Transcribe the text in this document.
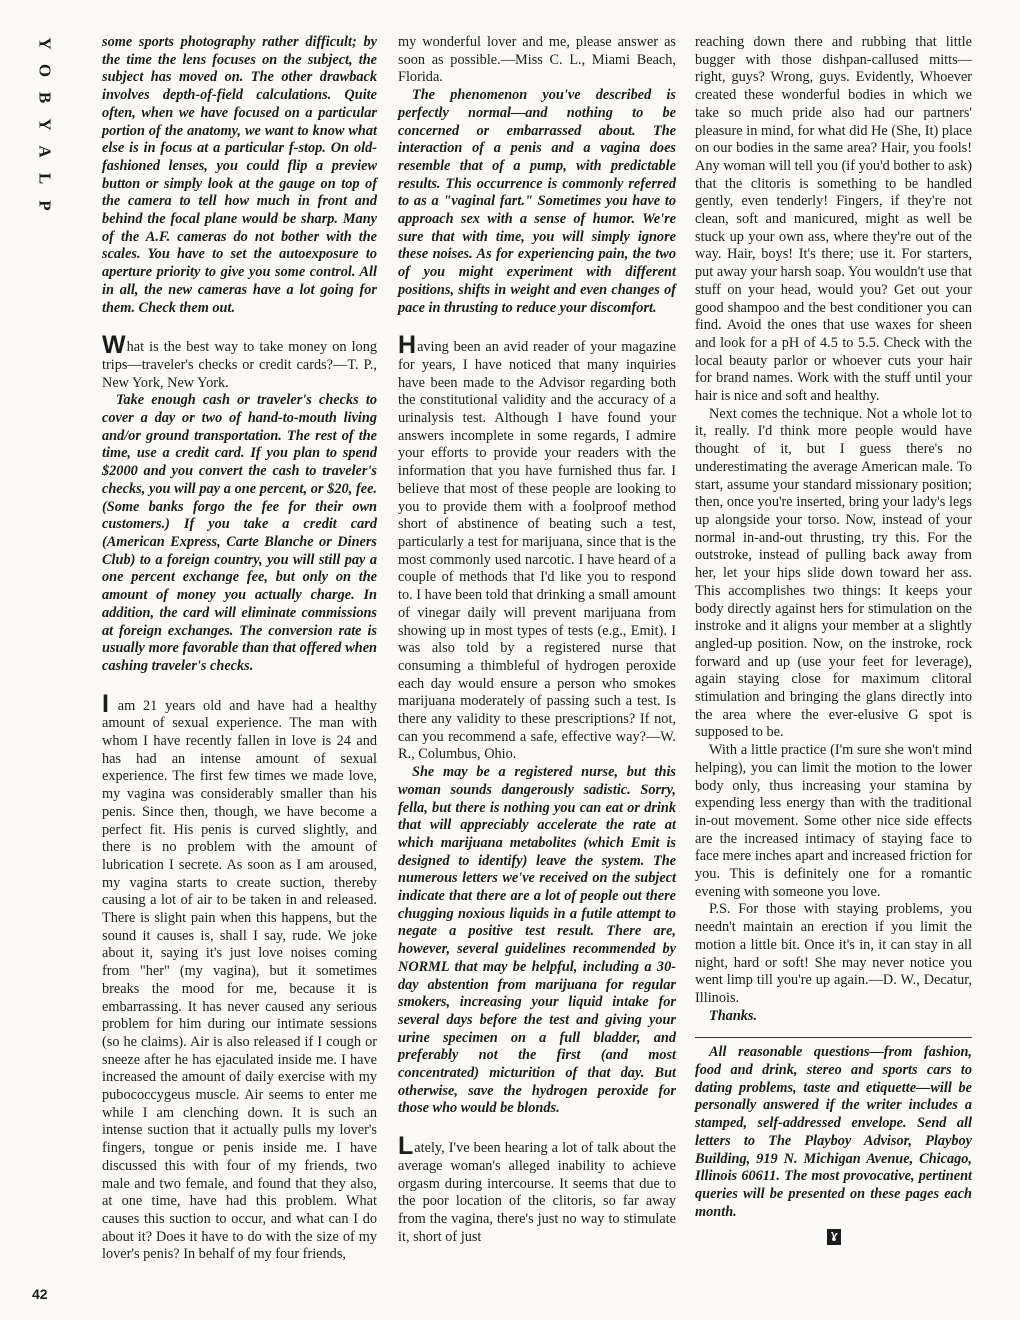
Y
O
B
Y
A
L
P
42

some sports photography rather difficult; by the time the lens focuses on the subject, the subject has moved on. The other drawback involves depth-of-field calculations. Quite often, when we have focused on a particular portion of the anatomy, we want to know what else is in focus at a particular f-stop. On old-fashioned lenses, you could flip a preview button or simply look at the gauge on top of the camera to tell how much in front and behind the focal plane would be sharp. Many of the A.F. cameras do not bother with the scales. You have to set the autoexposure to aperture priority to give you some control. All in all, the new cameras have a lot going for them. Check them out.

What is the best way to take money on long trips—traveler's checks or credit cards?—T. P., New York, New York.

Take enough cash or traveler's checks to cover a day or two of hand-to-mouth living and/or ground transportation. The rest of the time, use a credit card. If you plan to spend $2000 and you convert the cash to traveler's checks, you will pay a one percent, or $20, fee. (Some banks forgo the fee for their own customers.) If you take a credit card (American Express, Carte Blanche or Diners Club) to a foreign country, you will still pay a one percent exchange fee, but only on the amount of money you actually charge. In addition, the card will eliminate commissions at foreign exchanges. The conversion rate is usually more favorable than that offered when cashing traveler's checks.

I am 21 years old and have had a healthy amount of sexual experience. The man with whom I have recently fallen in love is 24 and has had an intense amount of sexual experience. The first few times we made love, my vagina was considerably smaller than his penis. Since then, though, we have become a perfect fit. His penis is curved slightly, and there is no problem with the amount of lubrication I secrete. As soon as I am aroused, my vagina starts to create suction, thereby causing a lot of air to be taken in and released. There is slight pain when this happens, but the sound it causes is, shall I say, rude. We joke about it, saying it's just love noises coming from "her" (my vagina), but it sometimes breaks the mood for me, because it is embarrassing. It has never caused any serious problem for him during our intimate sessions (so he claims). Air is also released if I cough or sneeze after he has ejaculated inside me. I have increased the amount of daily exercise with my pubococcygeus muscle. Air seems to enter me while I am clenching down. It is such an intense suction that it actually pulls my lover's fingers, tongue or penis inside me. I have discussed this with four of my friends, two male and two female, and found that they also, at one time, have had this problem. What causes this suction to occur, and what can I do about it? Does it have to do with the size of my lover's penis? In behalf of my four friends,

my wonderful lover and me, please answer as soon as possible.—Miss C. L., Miami Beach, Florida.

The phenomenon you've described is perfectly normal—and nothing to be concerned or embarrassed about. The interaction of a penis and a vagina does resemble that of a pump, with predictable results. This occurrence is commonly referred to as a "vaginal fart." Sometimes you have to approach sex with a sense of humor. We're sure that with time, you will simply ignore these noises. As for experiencing pain, the two of you might experiment with different positions, shifts in weight and even changes of pace in thrusting to reduce your discomfort.

Having been an avid reader of your magazine for years, I have noticed that many inquiries have been made to the Advisor regarding both the constitutional validity and the accuracy of a urinalysis test. Although I have found your answers incomplete in some regards, I admire your efforts to provide your readers with the information that you have furnished thus far. I believe that most of these people are looking to you to provide them with a foolproof method short of abstinence of beating such a test, particularly a test for marijuana, since that is the most commonly used narcotic. I have heard of a couple of methods that I'd like you to respond to. I have been told that drinking a small amount of vinegar daily will prevent marijuana from showing up in most types of tests (e.g., Emit). I was also told by a registered nurse that consuming a thimbleful of hydrogen peroxide each day would ensure a person who smokes marijuana moderately of passing such a test. Is there any validity to these prescriptions? If not, can you recommend a safe, effective way?—W. R., Columbus, Ohio.

She may be a registered nurse, but this woman sounds dangerously sadistic. Sorry, fella, but there is nothing you can eat or drink that will appreciably accelerate the rate at which marijuana metabolites (which Emit is designed to identify) leave the system. The numerous letters we've received on the subject indicate that there are a lot of people out there chugging noxious liquids in a futile attempt to negate a positive test result. There are, however, several guidelines recommended by NORML that may be helpful, including a 30-day abstention from marijuana for regular smokers, increasing your liquid intake for several days before the test and giving your urine specimen on a full bladder, and preferably not the first (and most concentrated) micturition of that day. But otherwise, save the hydrogen peroxide for those who would be blonds.

Lately, I've been hearing a lot of talk about the average woman's alleged inability to achieve orgasm during intercourse. It seems that due to the poor location of the clitoris, so far away from the vagina, there's just no way to stimulate it, short of just

reaching down there and rubbing that little bugger with those dishpan-callused mitts—right, guys? Wrong, guys. Evidently, Whoever created these wonderful bodies in which we take so much pride also had our partners' pleasure in mind, for what did He (She, It) place on our bodies in the same area? Hair, you fools! Any woman will tell you (if you'd bother to ask) that the clitoris is something to be handled gently, even tenderly! Fingers, if they're not clean, soft and manicured, might as well be stuck up your own ass, where they're out of the way. Hair, boys! It's there; use it. For starters, put away your harsh soap. You wouldn't use that stuff on your head, would you? Get out your good shampoo and the best conditioner you can find. Avoid the ones that use waxes for sheen and look for a pH of 4.5 to 5.5. Check with the local beauty parlor or whoever cuts your hair for brand names. Work with the stuff until your hair is nice and soft and healthy.

Next comes the technique. Not a whole lot to it, really. I'd think more people would have thought of it, but I guess there's no underestimating the average American male. To start, assume your standard missionary position; then, once you're inserted, bring your lady's legs up alongside your torso. Now, instead of your normal in-and-out thrusting, try this. For the outstroke, instead of pulling back away from her, let your hips slide down toward her ass. This accomplishes two things: It keeps your body directly against hers for stimulation on the instroke and it aligns your member at a slightly angled-up position. Now, on the instroke, rock forward and up (use your feet for leverage), again staying close for maximum clitoral stimulation and bringing the glans directly into the area where the ever-elusive G spot is supposed to be.

With a little practice (I'm sure she won't mind helping), you can limit the motion to the lower body only, thus increasing your stamina by expending less energy than with the traditional in-out movement. Some other nice side effects are the increased intimacy of staying face to face mere inches apart and increased friction for you. This is definitely one for a romantic evening with someone you love.

P.S. For those with staying problems, you needn't maintain an erection if you limit the motion a little bit. Once it's in, it can stay in all night, hard or soft! She may never notice you went limp till you're up again.—D. W., Decatur, Illinois.

Thanks.

All reasonable questions—from fashion, food and drink, stereo and sports cars to dating problems, taste and etiquette—will be personally answered if the writer includes a stamped, self-addressed envelope. Send all letters to The Playboy Advisor, Playboy Building, 919 N. Michigan Avenue, Chicago, Illinois 60611. The most provocative, pertinent queries will be presented on these pages each month.
